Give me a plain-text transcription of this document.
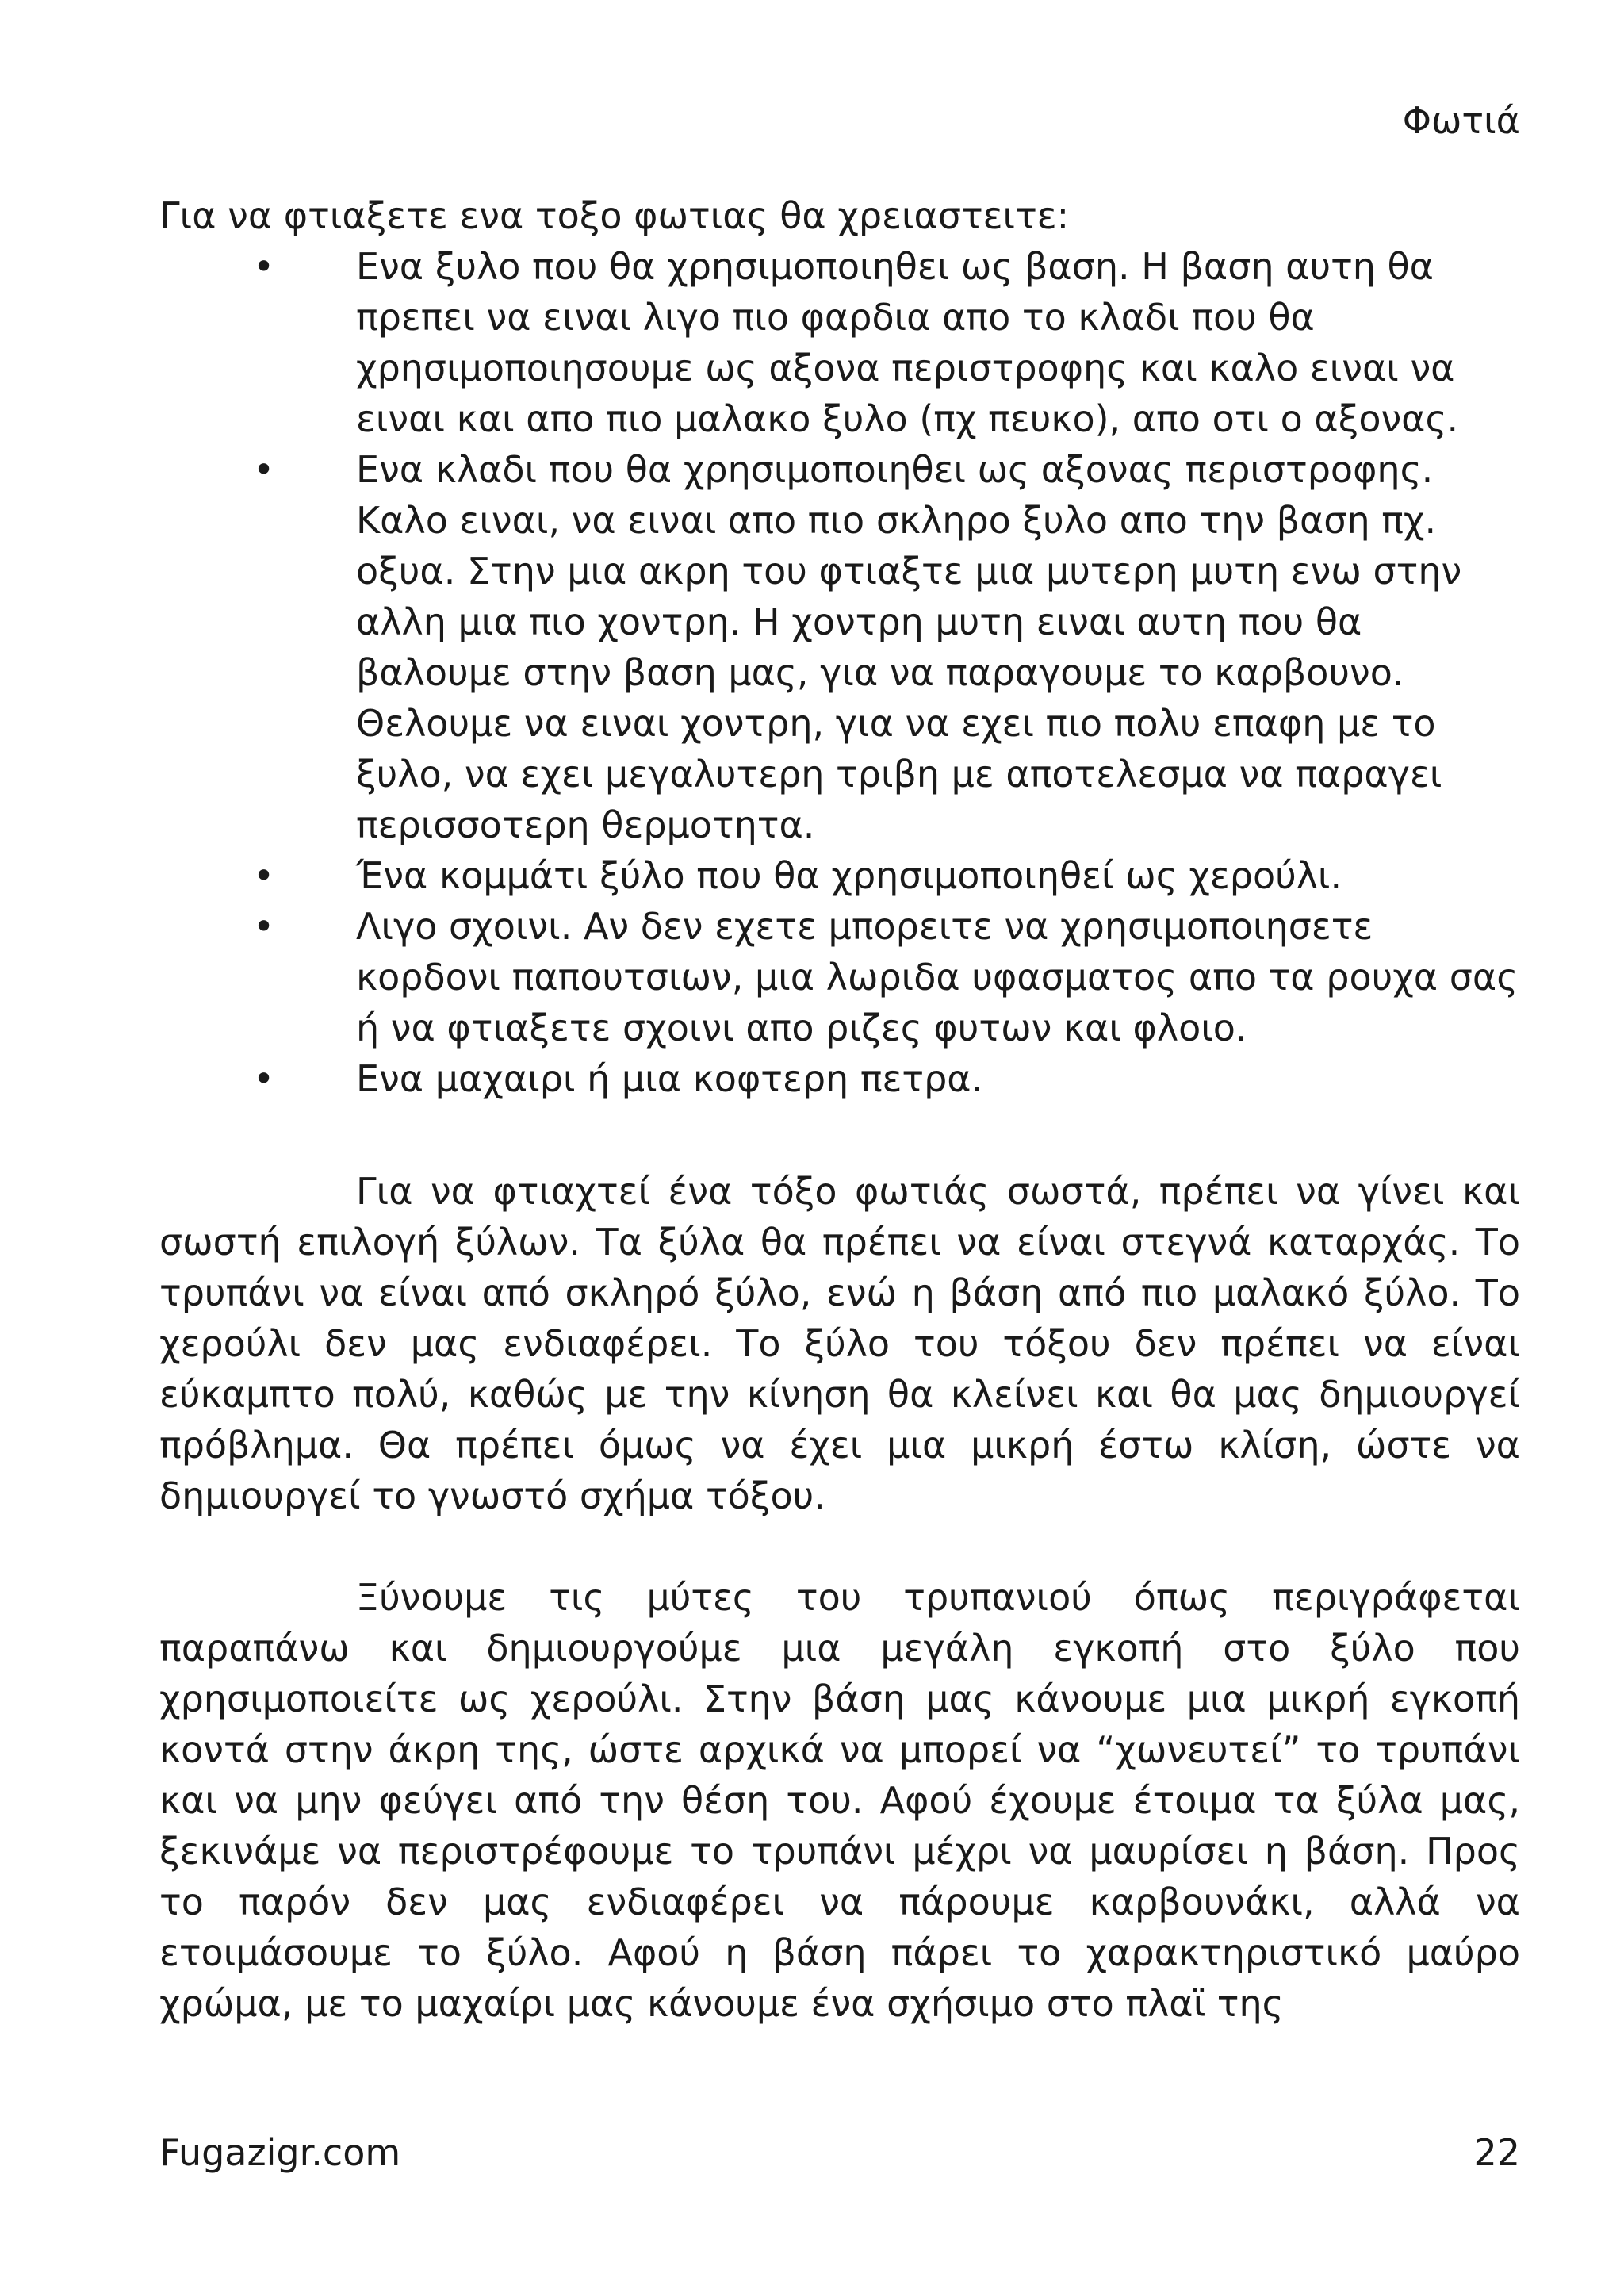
Φωτιά

Για να φτιαξετε ενα τοξο φωτιας θα χρειαστειτε:

•	Ενα ξυλο που θα χρησιμοποιηθει ως βαση. Η βαση αυτη θα πρεπει να ειναι λιγο πιο φαρδια απο το κλαδι που θα χρησιμοποιησουμε ως αξονα περιστροφης και καλο ειναι να ειναι και απο πιο μαλακο ξυλο (πχ πευκο), απο οτι ο αξονας.
•	Ενα κλαδι που θα χρησιμοποιηθει ως αξονας περιστροφης. Καλο ειναι, να ειναι απο πιο σκληρο ξυλο απο την βαση πχ. οξυα. Στην μια ακρη του φτιαξτε μια μυτερη μυτη ενω στην αλλη μια πιο χοντρη. Η χοντρη μυτη ειναι αυτη που θα βαλουμε στην βαση μας, για να παραγουμε το καρβουνο. Θελουμε να ειναι χοντρη, για να εχει πιο πολυ επαφη με το ξυλο, να εχει μεγαλυτερη τριβη με αποτελεσμα να παραγει περισσοτερη θερμοτητα.
•	Ένα κομμάτι ξύλο που θα χρησιμοποιηθεί ως χερούλι.
•	Λιγο σχοινι. Αν δεν εχετε μπορειτε να χρησιμοποιησετε κορδονι παπουτσιων, μια λωριδα υφασματος απο τα ρουχα σας ή να φτιαξετε σχοινι απο ριζες φυτων και φλοιο.
•	Ενα μαχαιρι ή μια κοφτερη πετρα.

Για να φτιαχτεί ένα τόξο φωτιάς σωστά, πρέπει να γίνει και σωστή επιλογή ξύλων. Τα ξύλα θα πρέπει να είναι στεγνά καταρχάς. Το τρυπάνι να είναι από σκληρό ξύλο, ενώ η βάση από πιο μαλακό ξύλο. Το χερούλι δεν μας ενδιαφέρει. Το ξύλο του τόξου δεν πρέπει να είναι εύκαμπτο πολύ, καθώς με την κίνηση θα κλείνει και θα μας δημιουργεί πρόβλημα. Θα πρέπει όμως να έχει μια μικρή έστω κλίση, ώστε να δημιουργεί το γνωστό σχήμα τόξου.

Ξύνουμε τις μύτες του τρυπανιού όπως περιγράφεται παραπάνω και δημιουργούμε μια μεγάλη εγκοπή στο ξύλο που χρησιμοποιείτε ως χερούλι. Στην βάση μας κάνουμε μια μικρή εγκοπή κοντά στην άκρη της, ώστε αρχικά να μπορεί να “χωνευτεί” το τρυπάνι και να μην φεύγει από την θέση του. Αφού έχουμε έτοιμα τα ξύλα μας, ξεκινάμε να περιστρέφουμε το τρυπάνι μέχρι να μαυρίσει η βάση. Προς το παρόν δεν μας ενδιαφέρει να πάρουμε καρβουνάκι, αλλά να ετοιμάσουμε το ξύλο. Αφού η βάση πάρει το χαρακτηριστικό μαύρο χρώμα, με το μαχαίρι μας κάνουμε ένα σχήσιμο στο πλαϊ της

Fugazigr.com	22
